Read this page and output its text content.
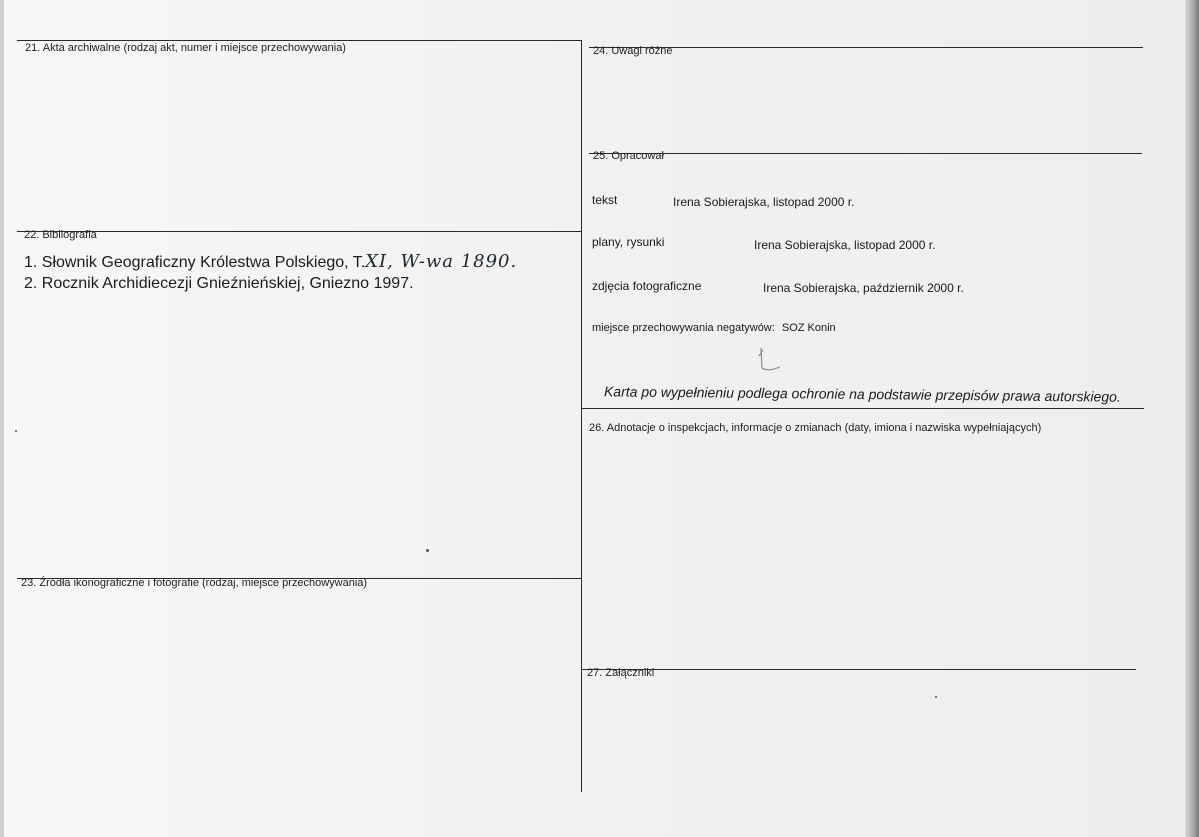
21. Akta archiwalne (rodzaj akt, numer i miejsce przechowywania)
22. Bibliografia
1. Słownik Geograficzny Królestwa Polskiego, T.XI, W-wa 1890.
2. Rocznik Archidiecezji Gnieźnieńskiej, Gniezno 1997.
23. Źródła ikonograficzne i fotografie (rodzaj, miejsce przechowywania)
24. Uwagi różne
25. Opracował
tekst	Irena Sobierajska, listopad 2000 r.
plany, rysunki	Irena Sobierajska, listopad 2000 r.
zdjęcia fotograficzne	Irena Sobierajska, październik 2000 r.
miejsce przechowywania negatywów: SOZ Konin
Karta po wypełnieniu podlega ochronie na podstawie przepisów prawa autorskiego.
26. Adnotacje o inspekcjach, informacje o zmianach (daty, imiona i nazwiska wypełniających)
27. Załączniki
